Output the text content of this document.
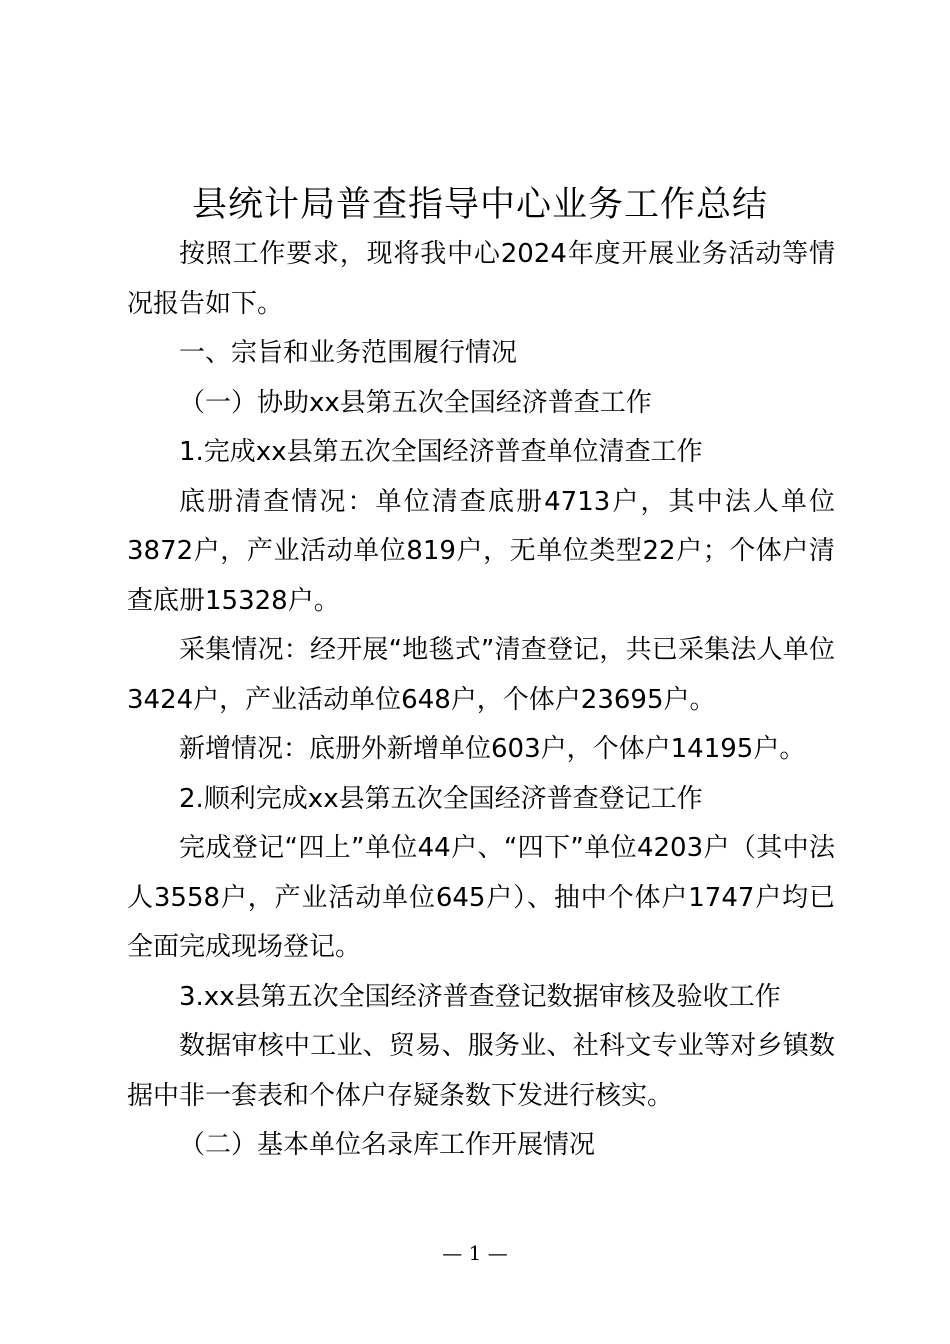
县统计局普查指导中心业务工作总结

按照工作要求，现将我中心2024年度开展业务活动等情况报告如下。

一、宗旨和业务范围履行情况

（一）协助xx县第五次全国经济普查工作

1.完成xx县第五次全国经济普查单位清查工作

底册清查情况：单位清查底册4713户，其中法人单位3872户，产业活动单位819户，无单位类型22户；个体户清查底册15328户。

采集情况：经开展“地毯式”清查登记，共已采集法人单位3424户，产业活动单位648户，个体户23695户。

新增情况：底册外新增单位603户，个体户14195户。

2.顺利完成xx县第五次全国经济普查登记工作

完成登记“四上”单位44户、“四下”单位4203户（其中法人3558户，产业活动单位645户）、抽中个体户1747户均已全面完成现场登记。

3.xx县第五次全国经济普查登记数据审核及验收工作

数据审核中工业、贸易、服务业、社科文专业等对乡镇数据中非一套表和个体户存疑条数下发进行核实。

（二）基本单位名录库工作开展情况

— 1 —
